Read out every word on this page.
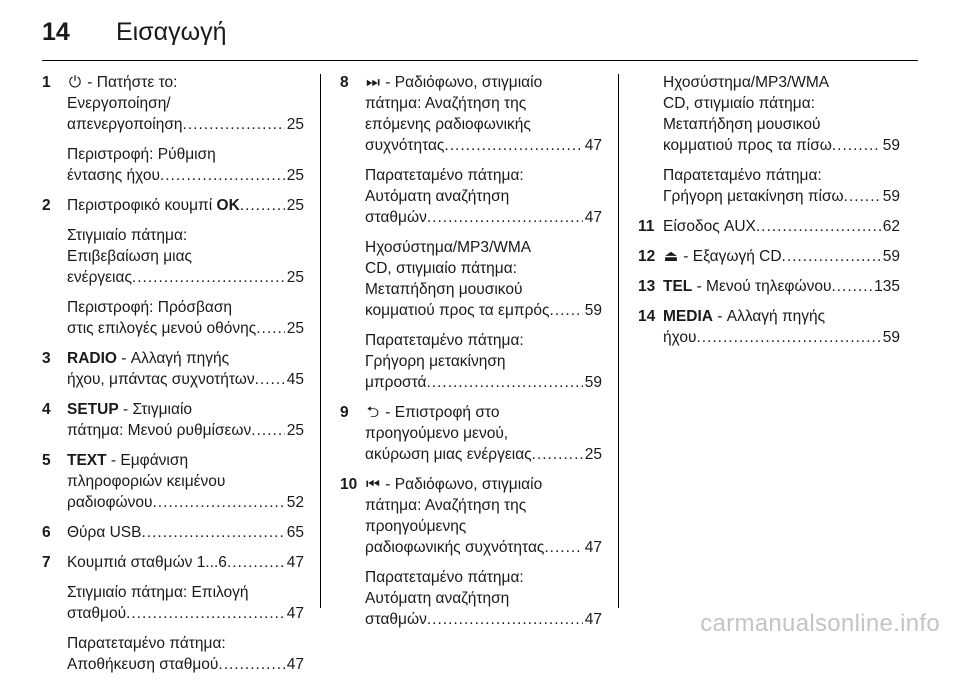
14	Εισαγωγή
1	⏻ - Πατήστε το:
Ενεργοποίηση/
απενεργοποίηση .....	25
Περιστροφή: Ρύθμιση
έντασης ήχου .....	25
2	Περιστροφικό κουμπί OK .....	25
Στιγμιαίο πάτημα:
Επιβεβαίωση μιας
ενέργειας .....	25
Περιστροφή: Πρόσβαση
στις επιλογές μενού οθόνης ..... 25
3	RADIO - Αλλαγή πηγής
ήχου, μπάντας συχνοτήτων ..... 45
4	SETUP - Στιγμιαίο
πάτημα: Μενού ρυθμίσεων ..... 25
5	TEXT - Εμφάνιση
πληροφοριών κειμένου
ραδιοφώνου .....	52
6	Θύρα USB .....	65
7	Κουμπιά σταθμών 1...6 .....	47
Στιγμιαίο πάτημα: Επιλογή
σταθμού .....	47
Παρατεταμένο πάτημα:
Αποθήκευση σταθμού .....	47
8	⏭ - Ραδιόφωνο, στιγμιαίο
πάτημα: Αναζήτηση της
επόμενης ραδιοφωνικής
συχνότητας .....	47
Παρατεταμένο πάτημα:
Αυτόματη αναζήτηση
σταθμών .....	47
Ηχοσύστημα/MP3/WMA
CD, στιγμιαίο πάτημα:
Μεταπήδηση μουσικού
κομματιού προς τα εμπρός ..... 59
Παρατεταμένο πάτημα:
Γρήγορη μετακίνηση
μπροστά .....	59
9	⮌ - Επιστροφή στο
προηγούμενο μενού,
ακύρωση μιας ενέργειας .....	25
10 ⏮ - Ραδιόφωνο, στιγμιαίο
πάτημα: Αναζήτηση της
προηγούμενης
ραδιοφωνικής συχνότητας .....	47
Παρατεταμένο πάτημα:
Αυτόματη αναζήτηση
σταθμών .....	47
Ηχοσύστημα/MP3/WMA
CD, στιγμιαίο πάτημα:
Μεταπήδηση μουσικού
κομματιού προς τα πίσω .....	59
Παρατεταμένο πάτημα:
Γρήγορη μετακίνηση πίσω .....	59
11 Είσοδος AUX .....	62
12 ⏏ - Εξαγωγή CD .....	59
13 TEL - Μενού τηλεφώνου .....	135
14 MEDIA - Αλλαγή πηγής
ήχου .....	59
carmanualsonline.info
